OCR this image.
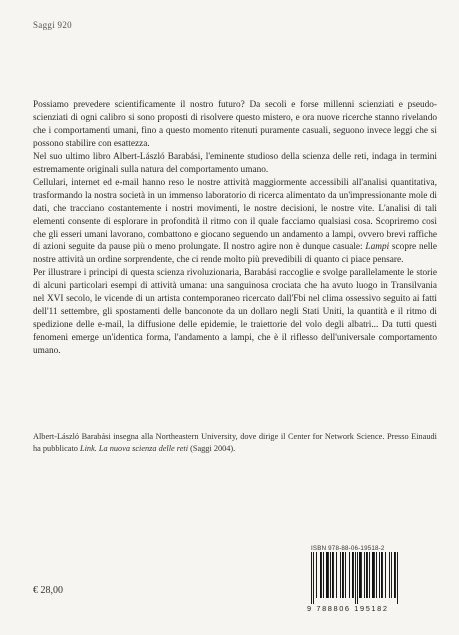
Saggi 920

Possiamo prevedere scientificamente il nostro futuro? Da secoli e forse millenni scienziati e pseudo-scienziati di ogni calibro si sono proposti di risolvere questo mistero, e ora nuove ricerche stanno rivelando che i comportamenti umani, fino a questo momento ritenuti puramente casuali, seguono invece leggi che si possono stabilire con esattezza.

Nel suo ultimo libro Albert-László Barabási, l'eminente studioso della scienza delle reti, indaga in termini estremamente originali sulla natura del comportamento umano.

Cellulari, internet ed e-mail hanno reso le nostre attività maggiormente accessibili all'analisi quantitativa, trasformando la nostra società in un immenso laboratorio di ricerca alimentato da un'impressionante mole di dati, che tracciano costantemente i nostri movimenti, le nostre decisioni, le nostre vite. L'analisi di tali elementi consente di esplorare in profondità il ritmo con il quale facciamo qualsiasi cosa. Scopriremo così che gli esseri umani lavorano, combattono e giocano seguendo un andamento a lampi, ovvero brevi raffiche di azioni seguite da pause più o meno prolungate. Il nostro agire non è dunque casuale: Lampi scopre nelle nostre attività un ordine sorprendente, che ci rende molto più prevedibili di quanto ci piace pensare.

Per illustrare i principi di questa scienza rivoluzionaria, Barabási raccoglie e svolge parallelamente le storie di alcuni particolari esempi di attività umana: una sanguinosa crociata che ha avuto luogo in Transilvania nel XVI secolo, le vicende di un artista contemporaneo ricercato dall'Fbi nel clima ossessivo seguito ai fatti dell'11 settembre, gli spostamenti delle banconote da un dollaro negli Stati Uniti, la quantità e il ritmo di spedizione delle e-mail, la diffusione delle epidemie, le traiettorie del volo degli albatri... Da tutti questi fenomeni emerge un'identica forma, l'andamento a lampi, che è il riflesso dell'universale comportamento umano.

Albert-László Barabási insegna alla Northeastern University, dove dirige il Center for Network Science. Presso Einaudi ha pubblicato Link. La nuova scienza delle reti (Saggi 2004).
ISBN 978-88-06-19518-2
9 788806 195182
€ 28,00
